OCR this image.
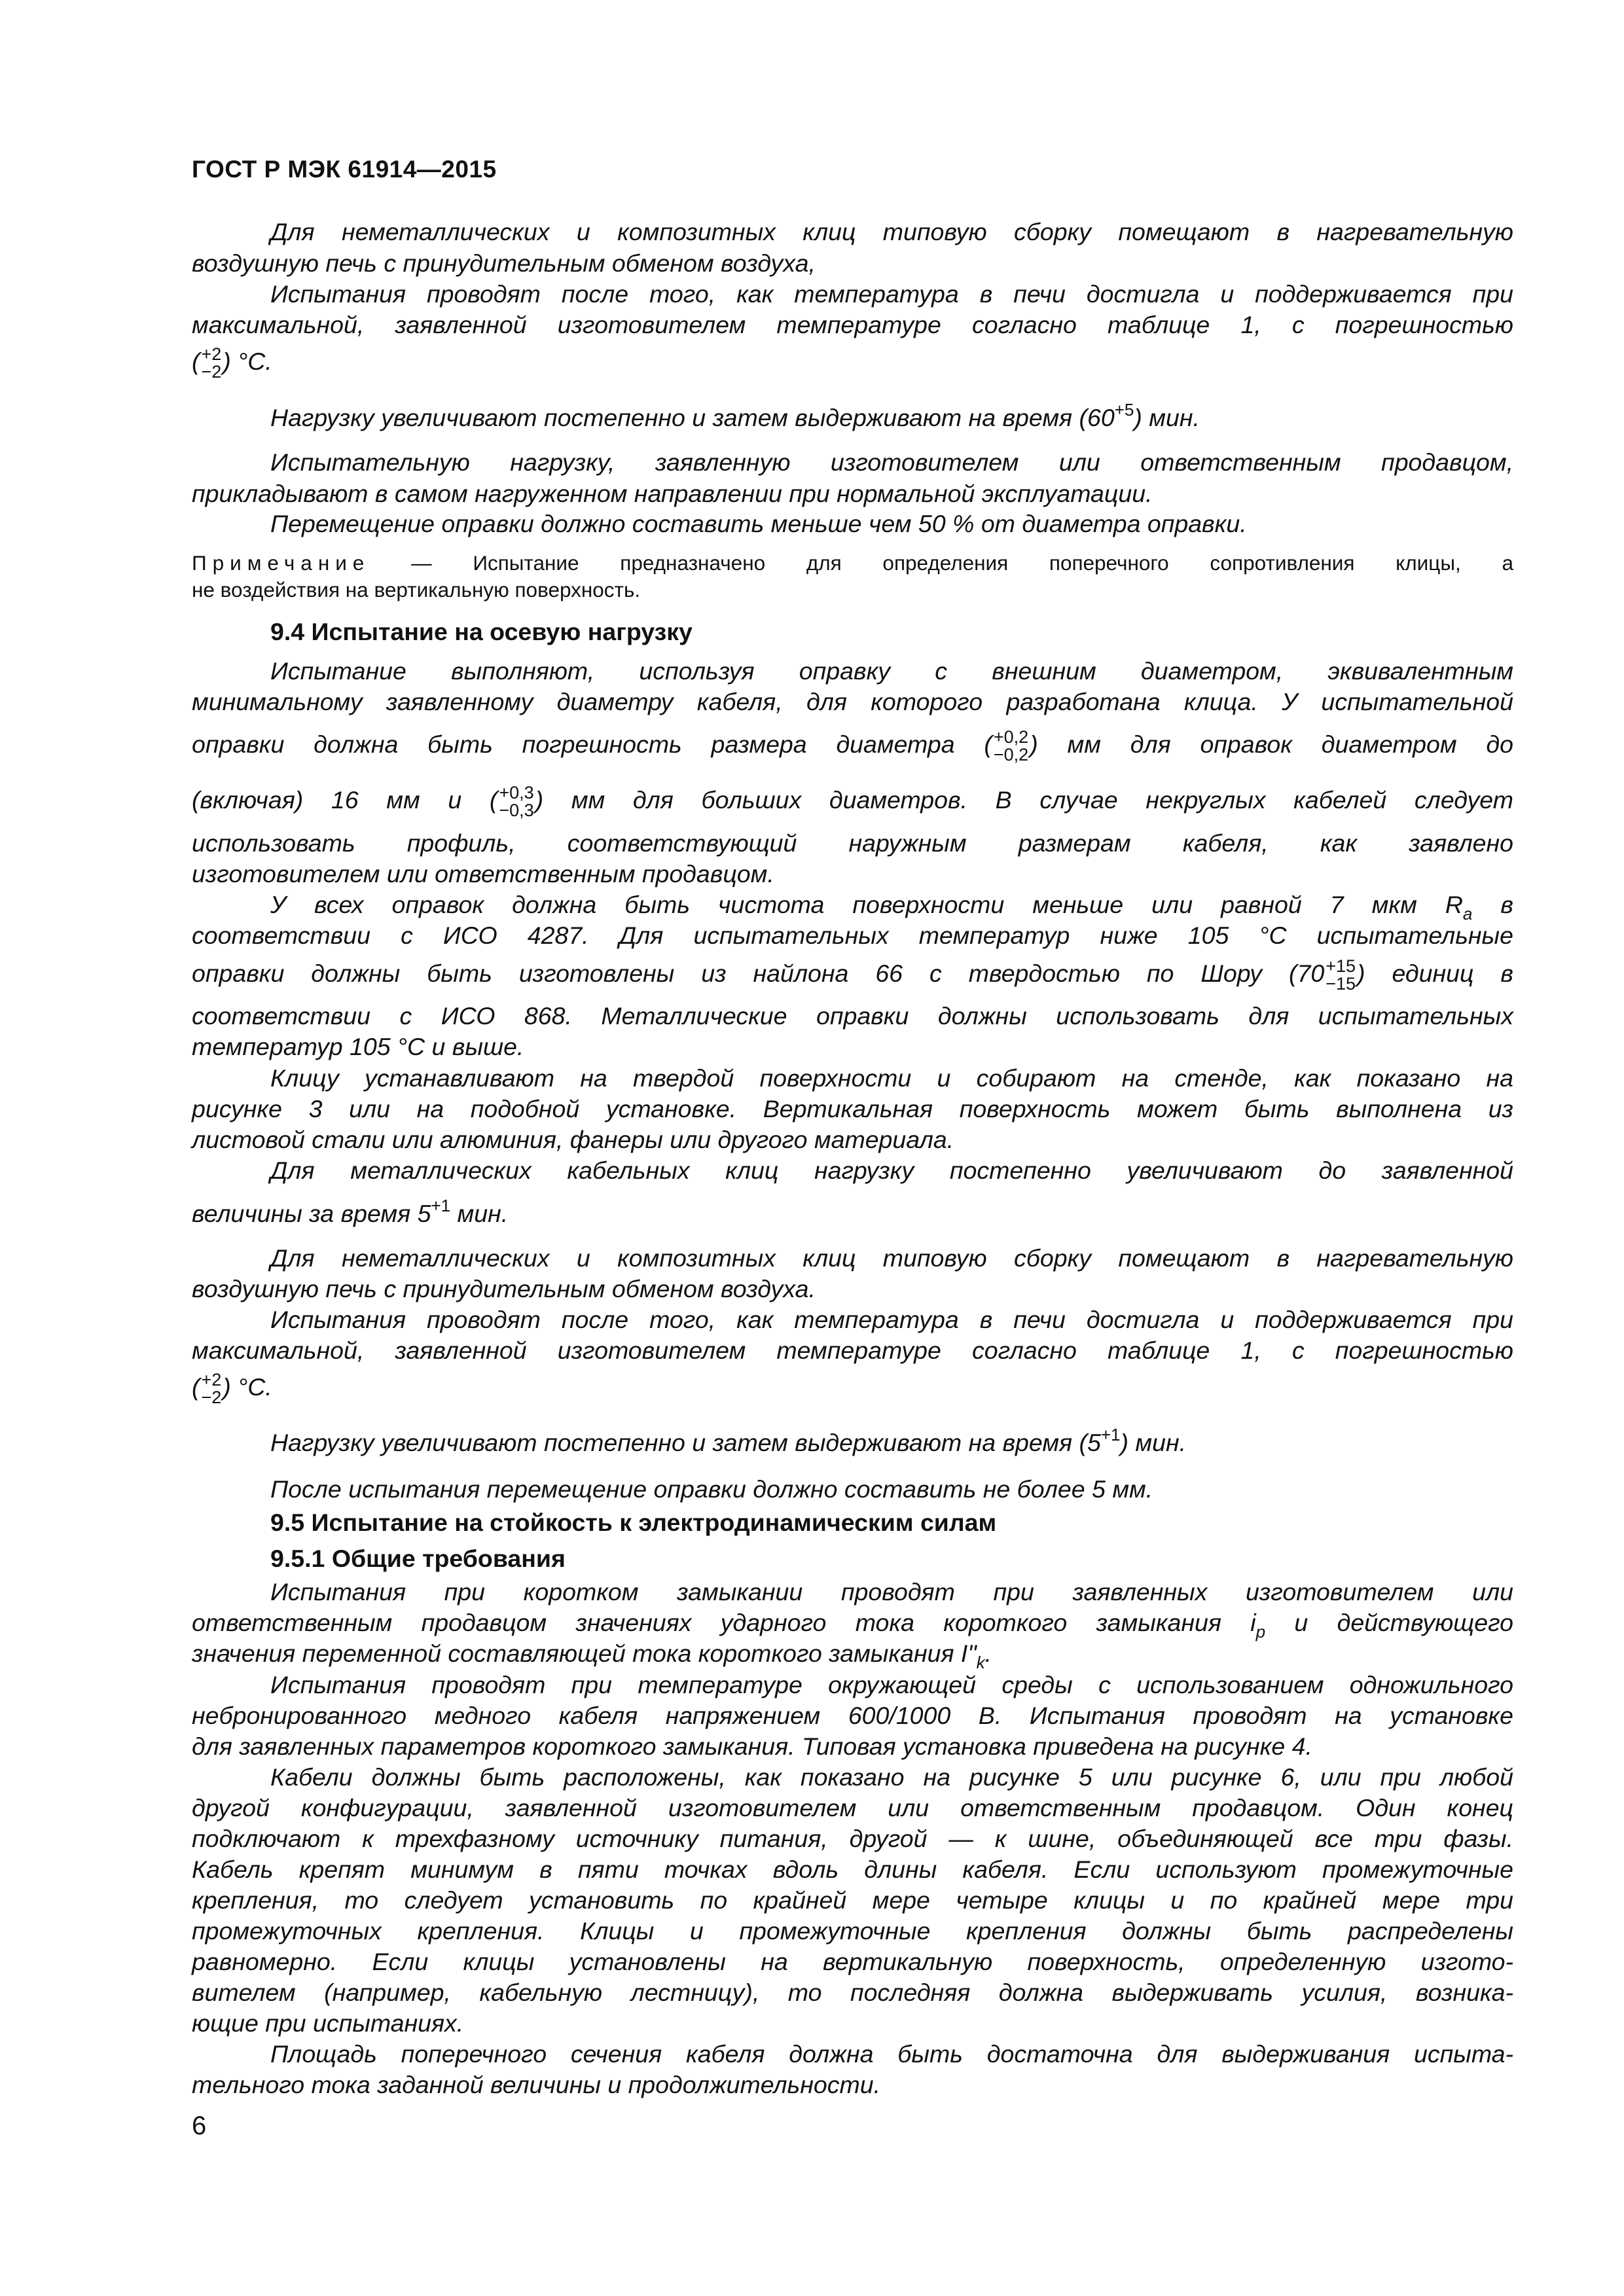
ГОСТ Р МЭК 61914—2015
Для неметаллических и композитных клиц типовую сборку помещают в нагревательную
воздушную печь с принудительным обменом воздуха,
Испытания проводят после того, как температура в печи достигла и поддерживается при
максимальной, заявленной изготовителем температуре согласно таблице 1, с погрешностью
( +2
−2 ) °C.
Нагрузку увеличивают постепенно и затем выдерживают на время $(60^{+5})$ мин.
Испытательную нагрузку, заявленную изготовителем или ответственным продавцом,
прикладывают в самом нагруженном направлении при нормальной эксплуатации.
Перемещение оправки должно составить меньше чем 50 % от диаметра оправки.
Примечание — Испытание предназначено для определения поперечного сопротивления клицы, а
не воздействия на вертикальную поверхность.
9.4 Испытание на осевую нагрузку
Испытание выполняют, используя оправку с внешним диаметром, эквивалентным
минимальному заявленному диаметру кабеля, для которого разработана клица. У испытательной
оправки должна быть погрешность размера диаметра ( +0,2
−0,2 ) мм для оправок диаметром до
(включая) 16 мм и ( +0,3
−0,3 ) мм для больших диаметров. В случае некруглых кабелей следует
использовать профиль, соответствующий наружным размерам кабеля, как заявлено
изготовителем или ответственным продавцом.
У всех оправок должна быть чистота поверхности меньше или равной 7 мкм $R_a$ в
соответствии с ИСО 4287. Для испытательных температур ниже 105 °C испытательные
оправки должны быть изготовлены из найлона 66 с твердостью по Шору (70 +15
−15 ) единиц в
соответствии с ИСО 868. Металлические оправки должны использовать для испытательных
температур 105 °C и выше.
Клицу устанавливают на твердой поверхности и собирают на стенде, как показано на
рисунке 3 или на подобной установке. Вертикальная поверхность может быть выполнена из
листовой стали или алюминия, фанеры или другого материала.
Для металлических кабельных клиц нагрузку постепенно увеличивают до заявленной
величины за время $5^{+1}$ мин.
Для неметаллических и композитных клиц типовую сборку помещают в нагревательную
воздушную печь с принудительным обменом воздуха.
Испытания проводят после того, как температура в печи достигла и поддерживается при
максимальной, заявленной изготовителем температуре согласно таблице 1, с погрешностью
( +2
−2 ) °C.
Нагрузку увеличивают постепенно и затем выдерживают на время $(5^{+1})$ мин.
После испытания перемещение оправки должно составить не более 5 мм.
9.5 Испытание на стойкость к электродинамическим силам
9.5.1 Общие требования
Испытания при коротком замыкании проводят при заявленных изготовителем или
ответственным продавцом значениях ударного тока короткого замыкания $i_p$ и действующего
значения переменной составляющей тока короткого замыкания $I"_k$.
Испытания проводят при температуре окружающей среды с использованием одножильного
небронированного медного кабеля напряжением 600/1000 В. Испытания проводят на установке
для заявленных параметров короткого замыкания. Типовая установка приведена на рисунке 4.
Кабели должны быть расположены, как показано на рисунке 5 или рисунке 6, или при любой
другой конфигурации, заявленной изготовителем или ответственным продавцом. Один конец
подключают к трехфазному источнику питания, другой — к шине, объединяющей все три фазы.
Кабель крепят минимум в пяти точках вдоль длины кабеля. Если используют промежуточные
крепления, то следует установить по крайней мере четыре клицы и по крайней мере три
промежуточных крепления. Клицы и промежуточные крепления должны быть распределены
равномерно. Если клицы установлены на вертикальную поверхность, определенную изгото-
вителем (например, кабельную лестницу), то последняя должна выдерживать усилия, возника-
ющие при испытаниях.
Площадь поперечного сечения кабеля должна быть достаточна для выдерживания испыта-
тельного тока заданной величины и продолжительности.
6
